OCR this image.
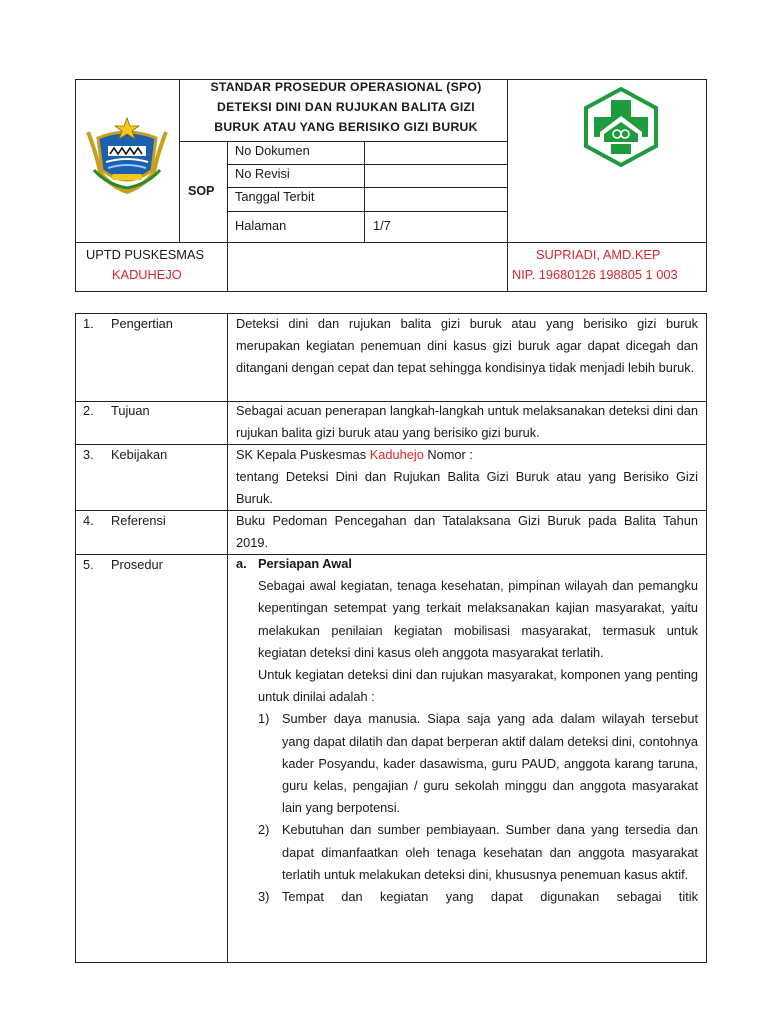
STANDAR PROSEDUR OPERASIONAL (SPO)
DETEKSI DINI DAN RUJUKAN BALITA GIZI
BURUK ATAU YANG BERISIKO GIZI BURUK
SOP
No Dokumen
No Revisi
Tanggal Terbit
Halaman	1/7
UPTD PUSKESMAS
KADUHEJO
SUPRIADI, AMD.KEP
NIP. 19680126 198805 1 003
1. Pengertian	Deteksi dini dan rujukan balita gizi buruk atau yang berisiko gizi buruk merupakan kegiatan penemuan dini kasus gizi buruk agar dapat dicegah dan ditangani dengan cepat dan tepat sehingga kondisinya tidak menjadi lebih buruk.

2. Tujuan	Sebagai acuan penerapan langkah-langkah untuk melaksanakan deteksi dini dan rujukan balita gizi buruk atau yang berisiko gizi buruk.

3. Kebijakan	SK Kepala Puskesmas Kaduhejo Nomor :

tentang Deteksi Dini dan Rujukan Balita Gizi Buruk atau yang Berisiko Gizi Buruk.

4. Referensi	Buku Pedoman Pencegahan dan Tatalaksana Gizi Buruk pada Balita Tahun 2019.

5. Prosedur	a. Persiapan Awal

Sebagai awal kegiatan, tenaga kesehatan, pimpinan wilayah dan pemangku kepentingan setempat yang terkait melaksanakan kajian masyarakat, yaitu melakukan penilaian kegiatan mobilisasi masyarakat, termasuk untuk kegiatan deteksi dini kasus oleh anggota masyarakat terlatih.

Untuk kegiatan deteksi dini dan rujukan masyarakat, komponen yang penting untuk dinilai adalah :

1) Sumber daya manusia. Siapa saja yang ada dalam wilayah tersebut yang dapat dilatih dan dapat berperan aktif dalam deteksi dini, contohnya kader Posyandu, kader dasawisma, guru PAUD, anggota karang taruna, guru kelas, pengajian / guru sekolah minggu dan anggota masyarakat lain yang berpotensi.

2) Kebutuhan dan sumber pembiayaan. Sumber dana yang tersedia dan dapat dimanfaatkan oleh tenaga kesehatan dan anggota masyarakat terlatih untuk melakukan deteksi dini, khususnya penemuan kasus aktif.

3) Tempat dan kegiatan yang dapat digunakan sebagai titik
